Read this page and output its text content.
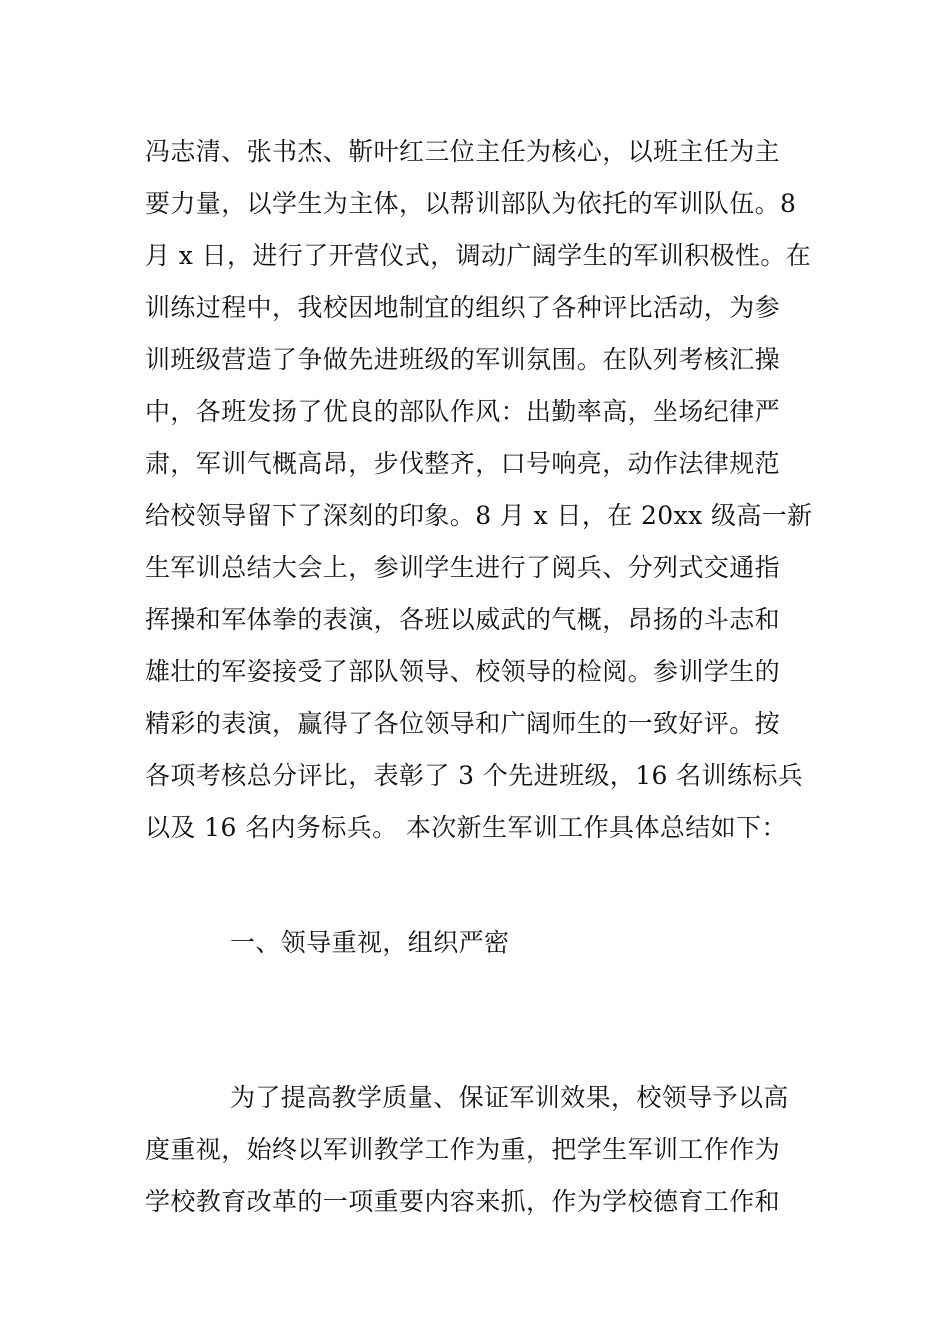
冯志清、张书杰、靳叶红三位主任为核心，以班主任为主
要力量，以学生为主体，以帮训部队为依托的军训队伍。8
月 x 日，进行了开营仪式，调动广阔学生的军训积极性。在
训练过程中，我校因地制宜的组织了各种评比活动，为参
训班级营造了争做先进班级的军训氛围。在队列考核汇操
中，各班发扬了优良的部队作风：出勤率高，坐场纪律严
肃，军训气概高昂，步伐整齐，口号响亮，动作法律规范
给校领导留下了深刻的印象。8 月 x 日，在 20xx 级高一新
生军训总结大会上，参训学生进行了阅兵、分列式交通指
挥操和军体拳的表演，各班以威武的气概，昂扬的斗志和
雄壮的军姿接受了部队领导、校领导的检阅。参训学生的
精彩的表演，赢得了各位领导和广阔师生的一致好评。按
各项考核总分评比，表彰了 3 个先进班级，16 名训练标兵
以及 16 名内务标兵。 本次新生军训工作具体总结如下：
一、领导重视，组织严密
为了提高教学质量、保证军训效果，校领导予以高
度重视，始终以军训教学工作为重，把学生军训工作作为
学校教育改革的一项重要内容来抓，作为学校德育工作和
